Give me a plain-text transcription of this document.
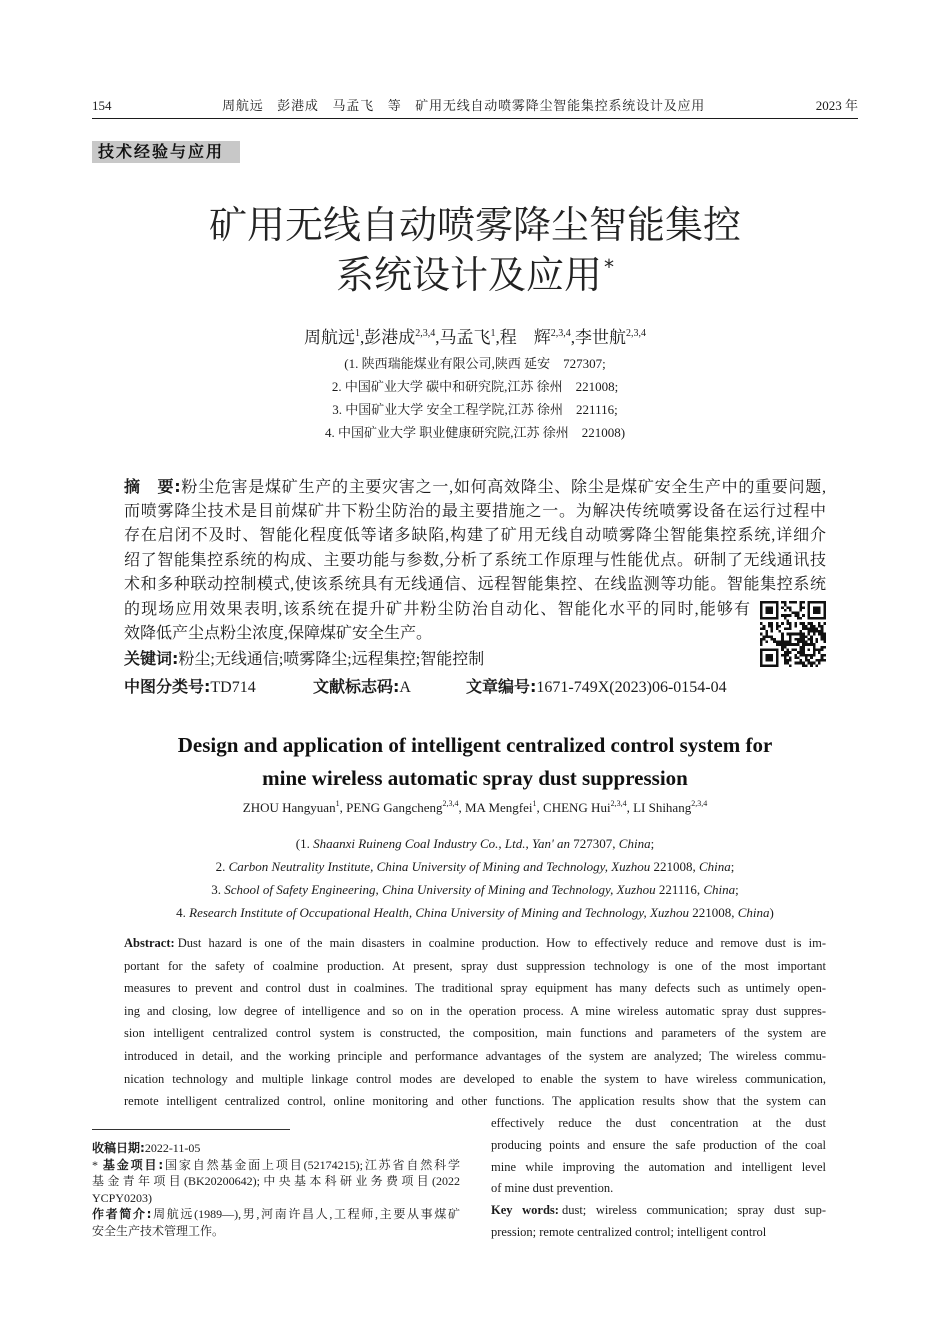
154	周航远　彭港成　马孟飞　等　矿用无线自动喷雾降尘智能集控系统设计及应用	2023 年
技术经验与应用
矿用无线自动喷雾降尘智能集控
系统设计及应用 *
周航远$^1$,彭港成$^{2,3,4}$,马孟飞$^1$,程　辉$^{2,3,4}$,李世航$^{2,3,4}$
(1. 陕西瑞能煤业有限公司,陕西 延安　727307;
2. 中国矿业大学 碳中和研究院,江苏 徐州　221008;
3. 中国矿业大学 安全工程学院,江苏 徐州　221116;
4. 中国矿业大学 职业健康研究院,江苏 徐州　221008)
摘　要:粉尘危害是煤矿生产的主要灾害之一,如何高效降尘、除尘是煤矿安全生产中的重要问题,
而喷雾降尘技术是目前煤矿井下粉尘防治的最主要措施之一。为解决传统喷雾设备在运行过程中
存在启闭不及时、智能化程度低等诸多缺陷,构建了矿用无线自动喷雾降尘智能集控系统,详细介
绍了智能集控系统的构成、主要功能与参数,分析了系统工作原理与性能优点。研制了无线通讯技
术和多种联动控制模式,使该系统具有无线通信、远程智能集控、在线监测等功能。智能集控系统
的现场应用效果表明,该系统在提升矿井粉尘防治自动化、智能化水平的同时,能够有
效降低产尘点粉尘浓度,保障煤矿安全生产。
关键词:粉尘;无线通信;喷雾降尘;远程集控;智能控制
中图分类号:TD714	文献标志码:A	文章编号:1671-749X(2023)06-0154-04
Design and application of intelligent centralized control system for
mine wireless automatic spray dust suppression
ZHOU Hangyuan$^1$, PENG Gangcheng$^{2,3,4}$, MA Mengfei$^1$, CHENG Hui$^{2,3,4}$, LI Shihang$^{2,3,4}$
(1. Shaanxi Ruineng Coal Industry Co., Ltd., Yan' an 727307, China;
2. Carbon Neutrality Institute, China University of Mining and Technology, Xuzhou 221008, China;
3. School of Safety Engineering, China University of Mining and Technology, Xuzhou 221116, China;
4. Research Institute of Occupational Health, China University of Mining and Technology, Xuzhou 221008, China)
Abstract: Dust hazard is one of the main disasters in coalmine production. How to effectively reduce and remove dust is im-
portant for the safety of coalmine production. At present, spray dust suppression technology is one of the most important
measures to prevent and control dust in coalmines. The traditional spray equipment has many defects such as untimely open-
ing and closing, low degree of intelligence and so on in the operation process. A mine wireless automatic spray dust suppres-
sion intelligent centralized control system is constructed, the composition, main functions and parameters of the system are
introduced in detail, and the working principle and performance advantages of the system are analyzed; The wireless commu-
nication technology and multiple linkage control modes are developed to enable the system to have wireless communication,
remote intelligent centralized control, online monitoring and other functions. The application results show that the system can
effectively reduce the dust concentration at the dust
producing points and ensure the safe production of the coal
mine while improving the automation and intelligent level
of mine dust prevention.
Key words: dust; wireless communication; spray dust sup-
pression; remote centralized control; intelligent control
收稿日期:2022-11-05
* 基金项目:国家自然基金面上项目(52174215);江苏省自然科学
基金青年项目(BK20200642);中央基本科研业务费项目(2022
YCPY0203)
作者简介:周航远(1989—),男,河南许昌人,工程师,主要从事煤矿
安全生产技术管理工作。
